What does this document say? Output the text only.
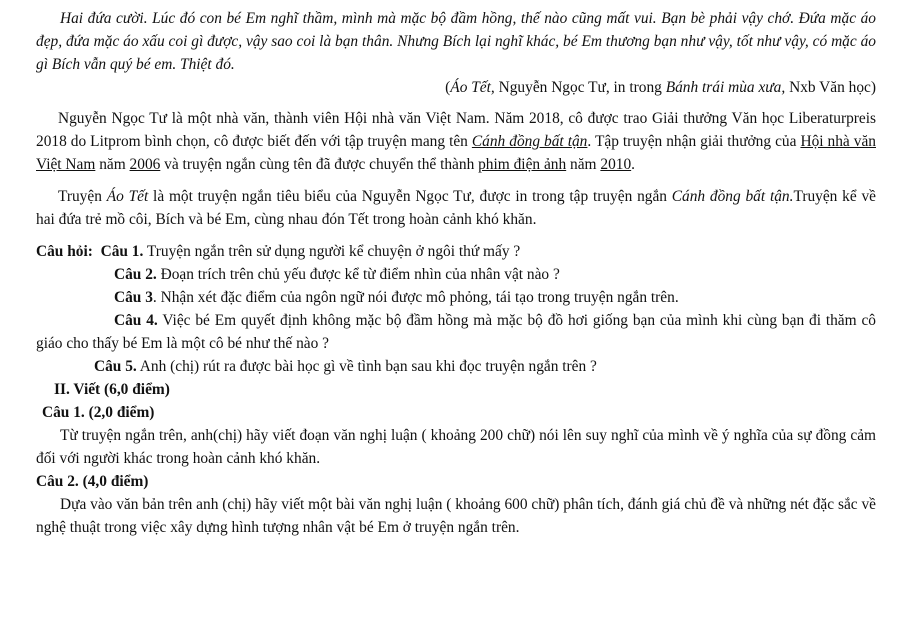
Hai đứa cười. Lúc đó con bé Em nghĩ thầm, mình mà mặc bộ đầm hồng, thế nào cũng mất vui. Bạn bè phải vậy chớ. Đứa mặc áo đẹp, đứa mặc áo xấu coi gì được, vậy sao coi là bạn thân. Nhưng Bích lại nghĩ khác, bé Em thương bạn như vậy, tốt như vậy, có mặc áo gì Bích vẫn quý bé em. Thiệt đó.

(Áo Tết, Nguyễn Ngọc Tư, in trong Bánh trái mùa xưa, Nxb Văn học)

Nguyễn Ngọc Tư là một nhà văn, thành viên Hội nhà văn Việt Nam. Năm 2018, cô được trao Giải thưởng Văn học Liberaturpreis 2018 do Litprom bình chọn, cô được biết đến với tập truyện mang tên Cánh đồng bất tận. Tập truyện nhận giải thưởng của Hội nhà văn Việt Nam năm 2006 và truyện ngắn cùng tên đã được chuyển thể thành phim điện ảnh năm 2010.

Truyện Áo Tết là một truyện ngắn tiêu biểu của Nguyễn Ngọc Tư, được in trong tập truyện ngắn Cánh đồng bất tận.Truyện kể về hai đứa trẻ mồ côi, Bích và bé Em, cùng nhau đón Tết trong hoàn cảnh khó khăn.

Câu hỏi: Câu 1. Truyện ngắn trên sử dụng người kể chuyện ở ngôi thứ mấy ?

Câu 2. Đoạn trích trên chủ yếu được kể từ điểm nhìn của nhân vật nào ?

Câu 3. Nhận xét đặc điểm của ngôn ngữ nói được mô phỏng, tái tạo trong truyện ngắn trên.

Câu 4. Việc bé Em quyết định không mặc bộ đầm hồng mà mặc bộ đồ hơi giống bạn của mình khi cùng bạn đi thăm cô giáo cho thấy bé Em là một cô bé như thế nào ?

Câu 5. Anh (chị) rút ra được bài học gì về tình bạn sau khi đọc truyện ngắn trên ?

II. Viết (6,0 điểm)

Câu 1. (2,0 điểm)

Từ truyện ngắn trên, anh(chị) hãy viết đoạn văn nghị luận ( khoảng 200 chữ) nói lên suy nghĩ của mình về ý nghĩa của sự đồng cảm đối với người khác trong hoàn cảnh khó khăn.

Câu 2. (4,0 điểm)

Dựa vào văn bản trên anh (chị) hãy viết một bài văn nghị luận ( khoảng 600 chữ) phân tích, đánh giá chủ đề và những nét đặc sắc về nghệ thuật trong việc xây dựng hình tượng nhân vật bé Em ở truyện ngắn trên.
